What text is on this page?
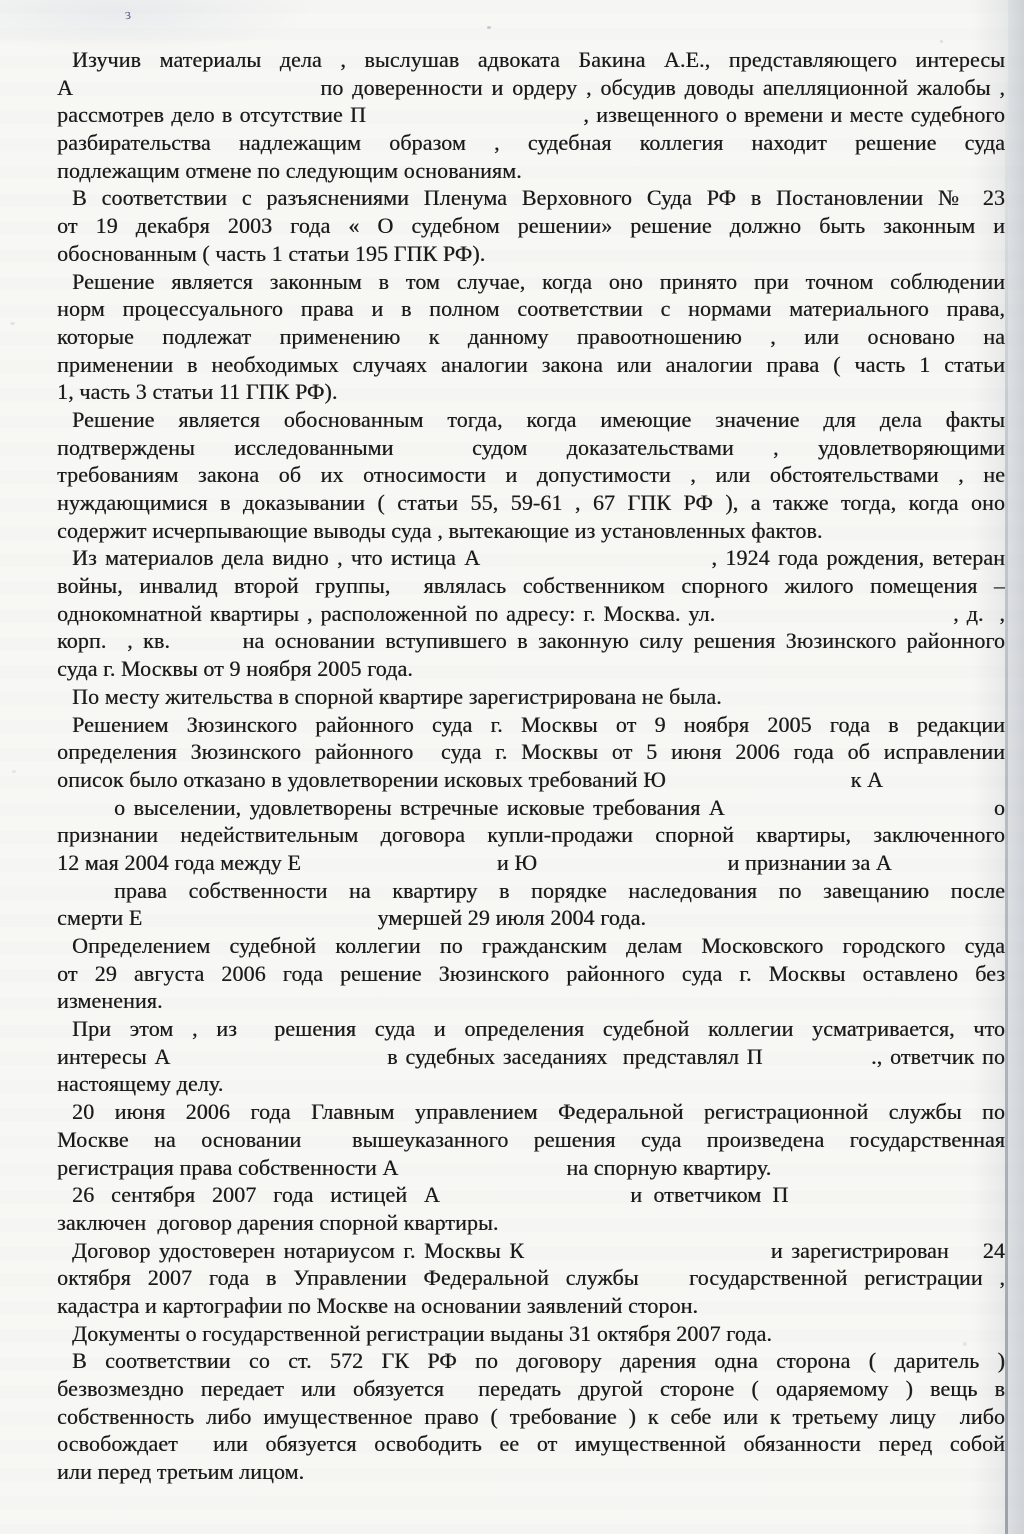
з
Изучив материалы дела , выслушав адвоката Бакина А.Е., представляющего интересы
А                            по доверенности и ордеру , обсудив доводы апелляционной жалобы ,
рассмотрев дело в отсутствие П                              , извещенного о времени и месте судебного
разбирательства надлежащим образом , судебная коллегия находит решение суда
подлежащим отмене по следующим основаниям.
В соответствии с разъяснениями Пленума Верховного Суда РФ в Постановлении № 23
от 19 декабря 2003 года « О судебном решении» решение должно быть законным и
обоснованным ( часть 1 статьи 195 ГПК РФ).
Решение является законным в том случае, когда оно принято при точном соблюдении
норм процессуального права и в полном соответствии с нормами материального права,
которые подлежат применению к данному правоотношению , или основано на
применении в необходимых случаях аналогии закона или аналогии права ( часть 1 статьи
1, часть 3 статьи 11 ГПК РФ).
Решение является обоснованным тогда, когда имеющие значение для дела факты
подтверждены исследованными  судом доказательствами , удовлетворяющими
требованиям закона об их относимости и допустимости , или обстоятельствами , не
нуждающимися в доказывании ( статьи 55, 59-61 , 67 ГПК РФ ), а также тогда, когда оно
содержит исчерпывающие выводы суда , вытекающие из установленных фактов.
Из материалов дела видно , что истица А                            , 1924 года рождения, ветеран
войны, инвалид второй группы,  являлась собственником спорного жилого помещения –
однокомнатной квартиры , расположенной по адресу: г. Москва. ул.                              , д.  ,
корп.  , кв.       на основании вступившего в законную силу решения Зюзинского районного
суда г. Москвы от 9 ноября 2005 года.
По месту жительства в спорной квартире зарегистрирована не была.
Решением Зюзинского районного суда г. Москвы от 9 ноября 2005 года в редакции
определения Зюзинского районного  суда г. Москвы от 5 июня 2006 года об исправлении
описок было отказано в удовлетворении исковых требований Ю                                 к А
о выселении, удовлетворены встречные исковые требования А                                о
признании недействительным договора купли-продажи спорной квартиры, заключенного
12 мая 2004 года между Е                                   и Ю                                  и признании за А
права собственности на квартиру в порядке наследования по завещанию после
смерти Е                                          умершей 29 июля 2004 года.
Определением судебной коллегии по гражданским делам Московского городского суда
от 29 августа 2006 года решение Зюзинского районного суда г. Москвы оставлено без
изменения.
При этом , из  решения суда и определения судебной коллегии усматривается, что
интересы А                            в судебных заседаниях  представлял П              ., ответчик по
настоящему делу.
20 июня 2006 года Главным управлением Федеральной регистрационной службы по
Москве на основании  вышеуказанного решения суда произведена государственная
регистрация права собственности А                              на спорную квартиру.
26   сентября   2007   года   истицей   А                                  и  ответчиком  П
заключен  договор дарения спорной квартиры.
Договор удостоверен нотариусом г. Москвы К                             и зарегистрирован    24
октября 2007 года в Управлении Федеральной службы   государственной регистрации ,
кадастра и картографии по Москве на основании заявлений сторон.
Документы о государственной регистрации выданы 31 октября 2007 года.
В соответствии со ст. 572 ГК РФ по договору дарения одна сторона ( даритель )
безвозмездно передает или обязуется  передать другой стороне ( одаряемому ) вещь в
собственность либо имущественное право ( требование ) к себе или к третьему лицу  либо
освобождает  или обязуется освободить ее от имущественной обязанности перед собой
или перед третьим лицом.
